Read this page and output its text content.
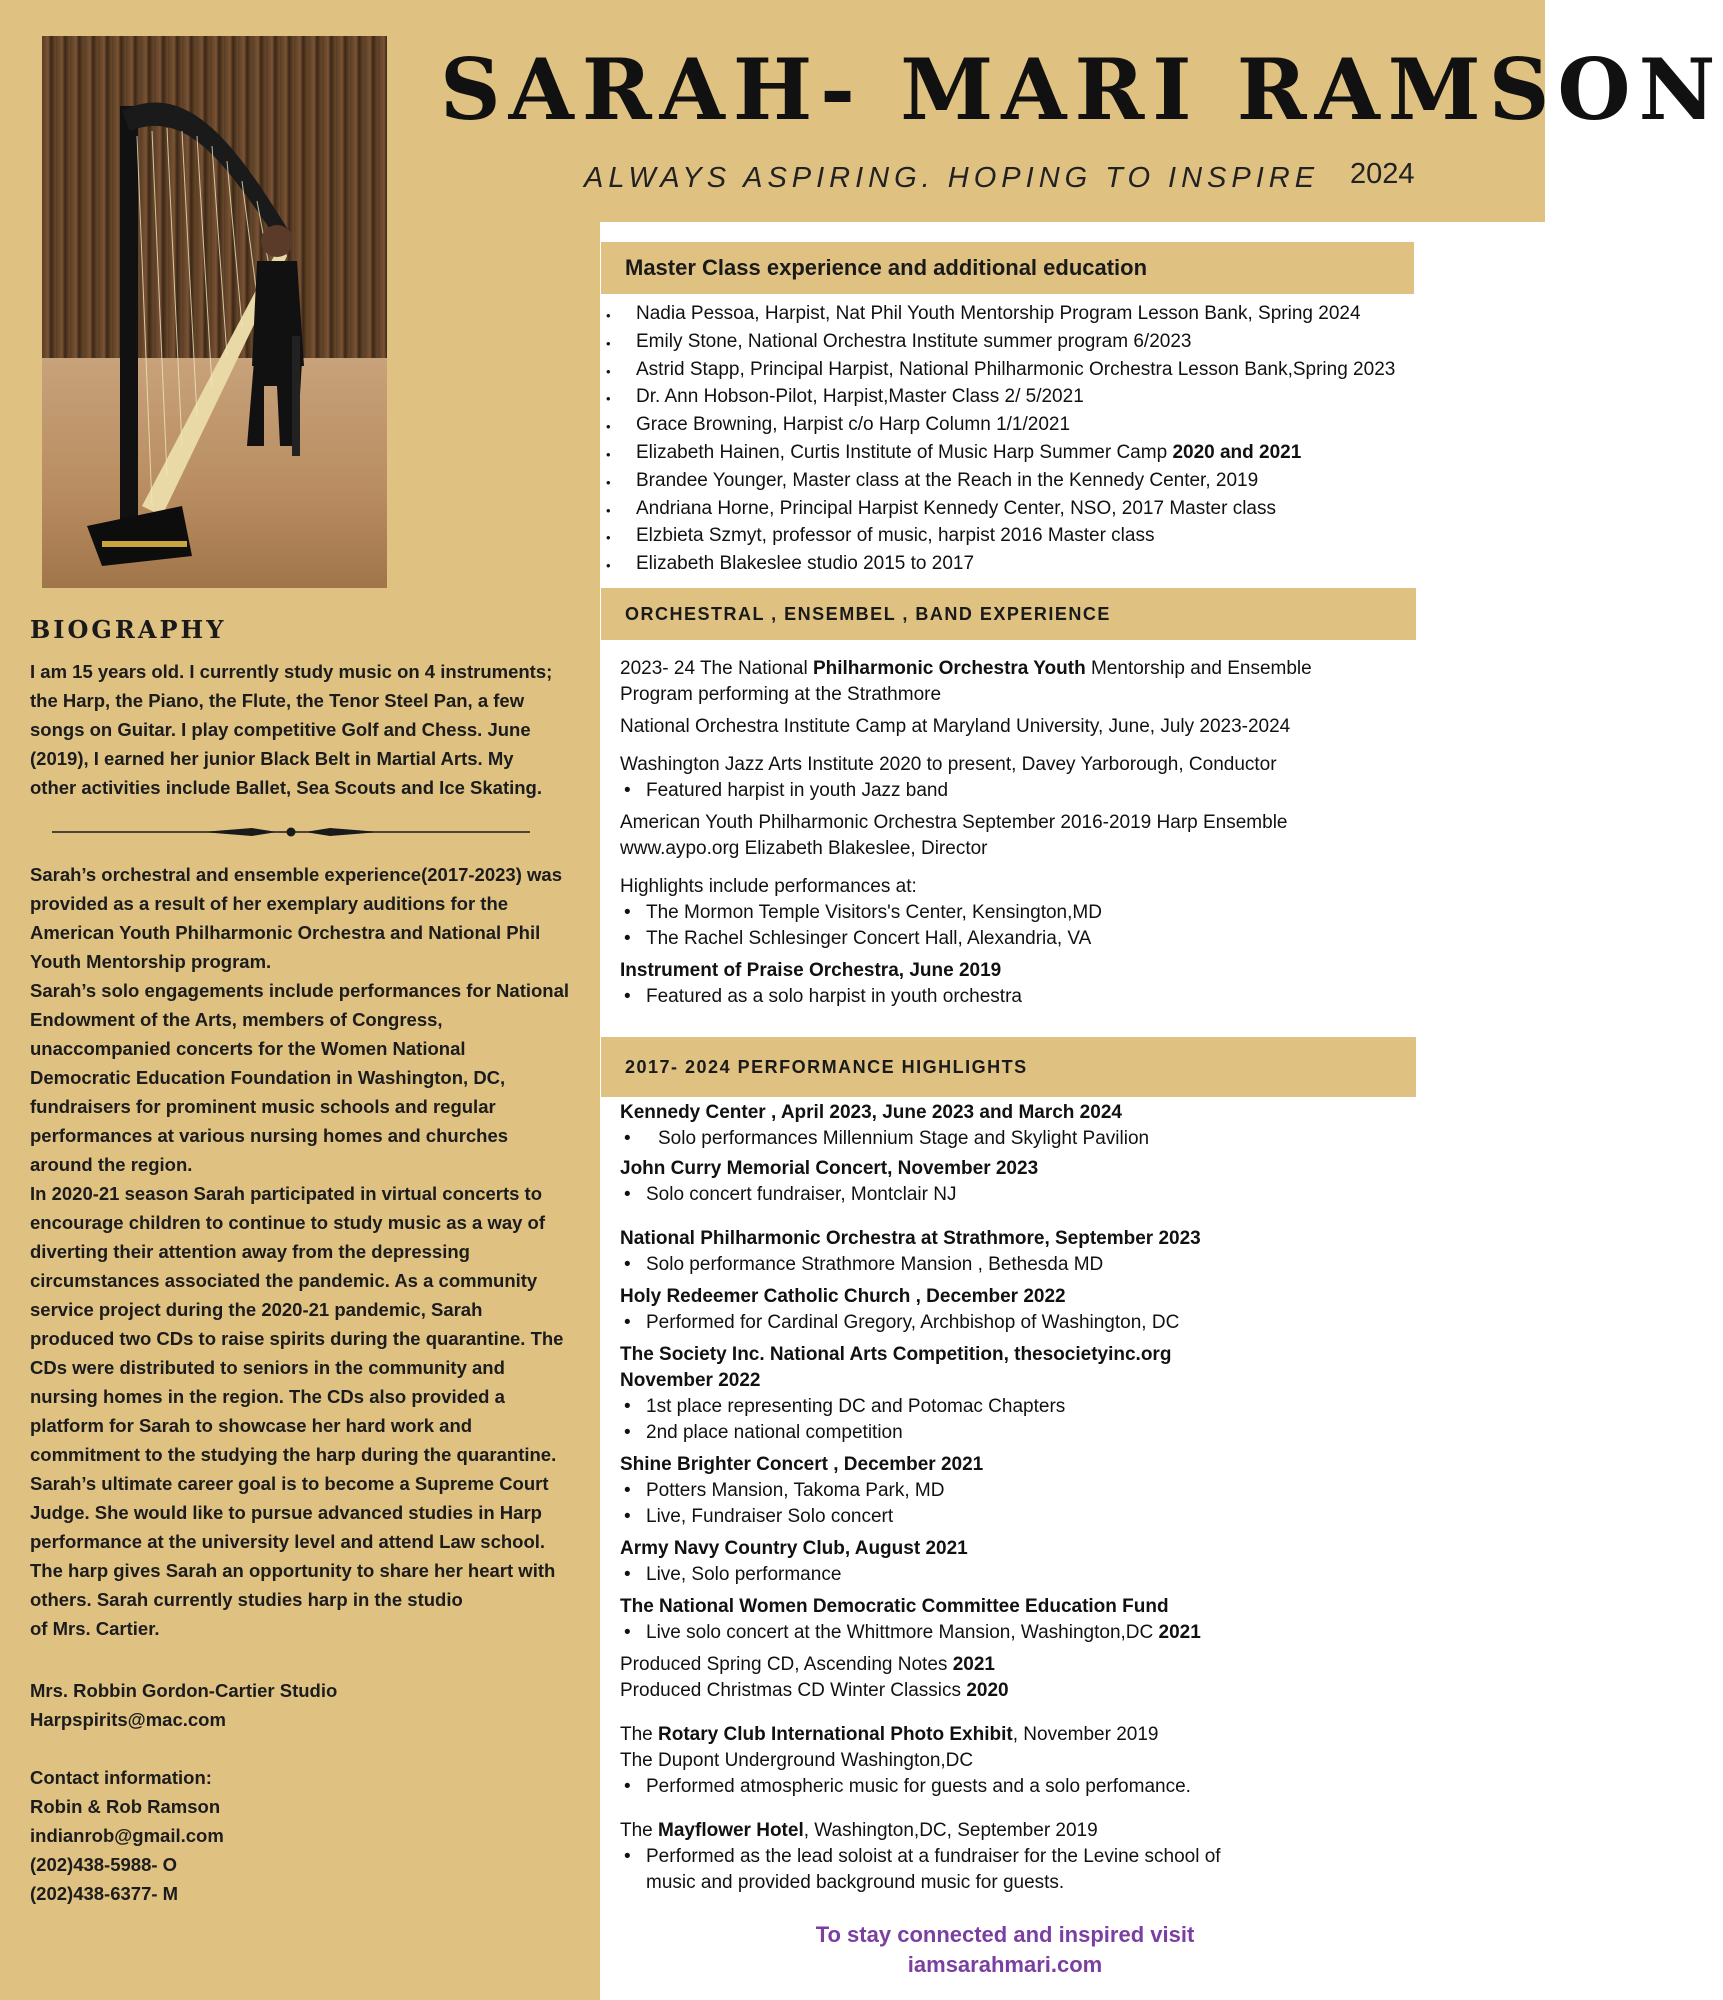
SARAH- MARI RAMSON
ALWAYS ASPIRING. HOPING TO INSPIRE 2024
Master Class experience and additional education
• Nadia Pessoa, Harpist, Nat Phil Youth Mentorship Program Lesson Bank, Spring 2024
• Emily Stone, National Orchestra Institute summer program 6/2023
• Astrid Stapp, Principal Harpist, National Philharmonic Orchestra Lesson Bank,Spring 2023
• Dr. Ann Hobson-Pilot, Harpist,Master Class 2/ 5/2021
• Grace Browning, Harpist c/o Harp Column 1/1/2021
• Elizabeth Hainen, Curtis Institute of Music Harp Summer Camp 2020 and 2021
• Brandee Younger, Master class at the Reach in the Kennedy Center, 2019
• Andriana Horne, Principal Harpist Kennedy Center, NSO, 2017 Master class
• Elzbieta Szmyt, professor of music, harpist 2016 Master class
• Elizabeth Blakeslee studio 2015 to 2017
ORCHESTRAL , ENSEMBEL , BAND EXPERIENCE
2023- 24 The National Philharmonic Orchestra Youth Mentorship and Ensemble
Program performing at the Strathmore
National Orchestra Institute Camp at Maryland University, June, July 2023-2024
Washington Jazz Arts Institute 2020 to present, Davey Yarborough, Conductor
• Featured harpist in youth Jazz band
American Youth Philharmonic Orchestra September 2016-2019 Harp Ensemble
www.aypo.org Elizabeth Blakeslee, Director
Highlights include performances at:
• The Mormon Temple Visitors's Center, Kensington,MD
• The Rachel Schlesinger Concert Hall, Alexandria, VA
Instrument of Praise Orchestra, June 2019
• Featured as a solo harpist in youth orchestra
2017- 2024 PERFORMANCE HIGHLIGHTS
Kennedy Center , April 2023, June 2023 and March 2024
• Solo performances Millennium Stage and Skylight Pavilion
John Curry Memorial Concert, November 2023
• Solo concert fundraiser, Montclair NJ
National Philharmonic Orchestra at Strathmore, September 2023
• Solo performance Strathmore Mansion , Bethesda MD
Holy Redeemer Catholic Church , December 2022
• Performed for Cardinal Gregory, Archbishop of Washington, DC
The Society Inc. National Arts Competition, thesocietyinc.org
November 2022
• 1st place representing DC and Potomac Chapters
• 2nd place national competition
Shine Brighter Concert , December 2021
• Potters Mansion, Takoma Park, MD
• Live, Fundraiser Solo concert
Army Navy Country Club, August 2021
• Live, Solo performance
The National Women Democratic Committee Education Fund
• Live solo concert at the Whittmore Mansion, Washington,DC 2021
Produced Spring CD, Ascending Notes 2021
Produced Christmas CD Winter Classics 2020
The Rotary Club International Photo Exhibit, November 2019
The Dupont Underground Washington,DC
• Performed atmospheric music for guests and a solo perfomance.
The Mayflower Hotel, Washington,DC, September 2019
• Performed as the lead soloist at a fundraiser for the Levine school of
music and provided background music for guests.
To stay connected and inspired visit
iamsarahmari.com
BIOGRAPHY
I am 15 years old. I currently study music on 4 instruments;
the Harp, the Piano, the Flute, the Tenor Steel Pan, a few
songs on Guitar. I play competitive Golf and Chess. June
(2019), I earned her junior Black Belt in Martial Arts. My
other activities include Ballet, Sea Scouts and Ice Skating.
Sarah’s orchestral and ensemble experience(2017-2023) was
provided as a result of her exemplary auditions for the
American Youth Philharmonic Orchestra and National Phil
Youth Mentorship program.
Sarah’s solo engagements include performances for National
Endowment of the Arts, members of Congress,
unaccompanied concerts for the Women National
Democratic Education Foundation in Washington, DC,
fundraisers for prominent music schools and regular
performances at various nursing homes and churches
around the region.
In 2020-21 season Sarah participated in virtual concerts to
encourage children to continue to study music as a way of
diverting their attention away from the depressing
circumstances associated the pandemic. As a community
service project during the 2020-21 pandemic, Sarah
produced two CDs to raise spirits during the quarantine. The
CDs were distributed to seniors in the community and
nursing homes in the region. The CDs also provided a
platform for Sarah to showcase her hard work and
commitment to the studying the harp during the quarantine.
Sarah’s ultimate career goal is to become a Supreme Court
Judge. She would like to pursue advanced studies in Harp
performance at the university level and attend Law school.
The harp gives Sarah an opportunity to share her heart with
others. Sarah currently studies harp in the studio
of Mrs. Cartier.
Mrs. Robbin Gordon-Cartier Studio
Harpspirits@mac.com
Contact information:
Robin & Rob Ramson
indianrob@gmail.com
(202)438-5988- O
(202)438-6377- M
